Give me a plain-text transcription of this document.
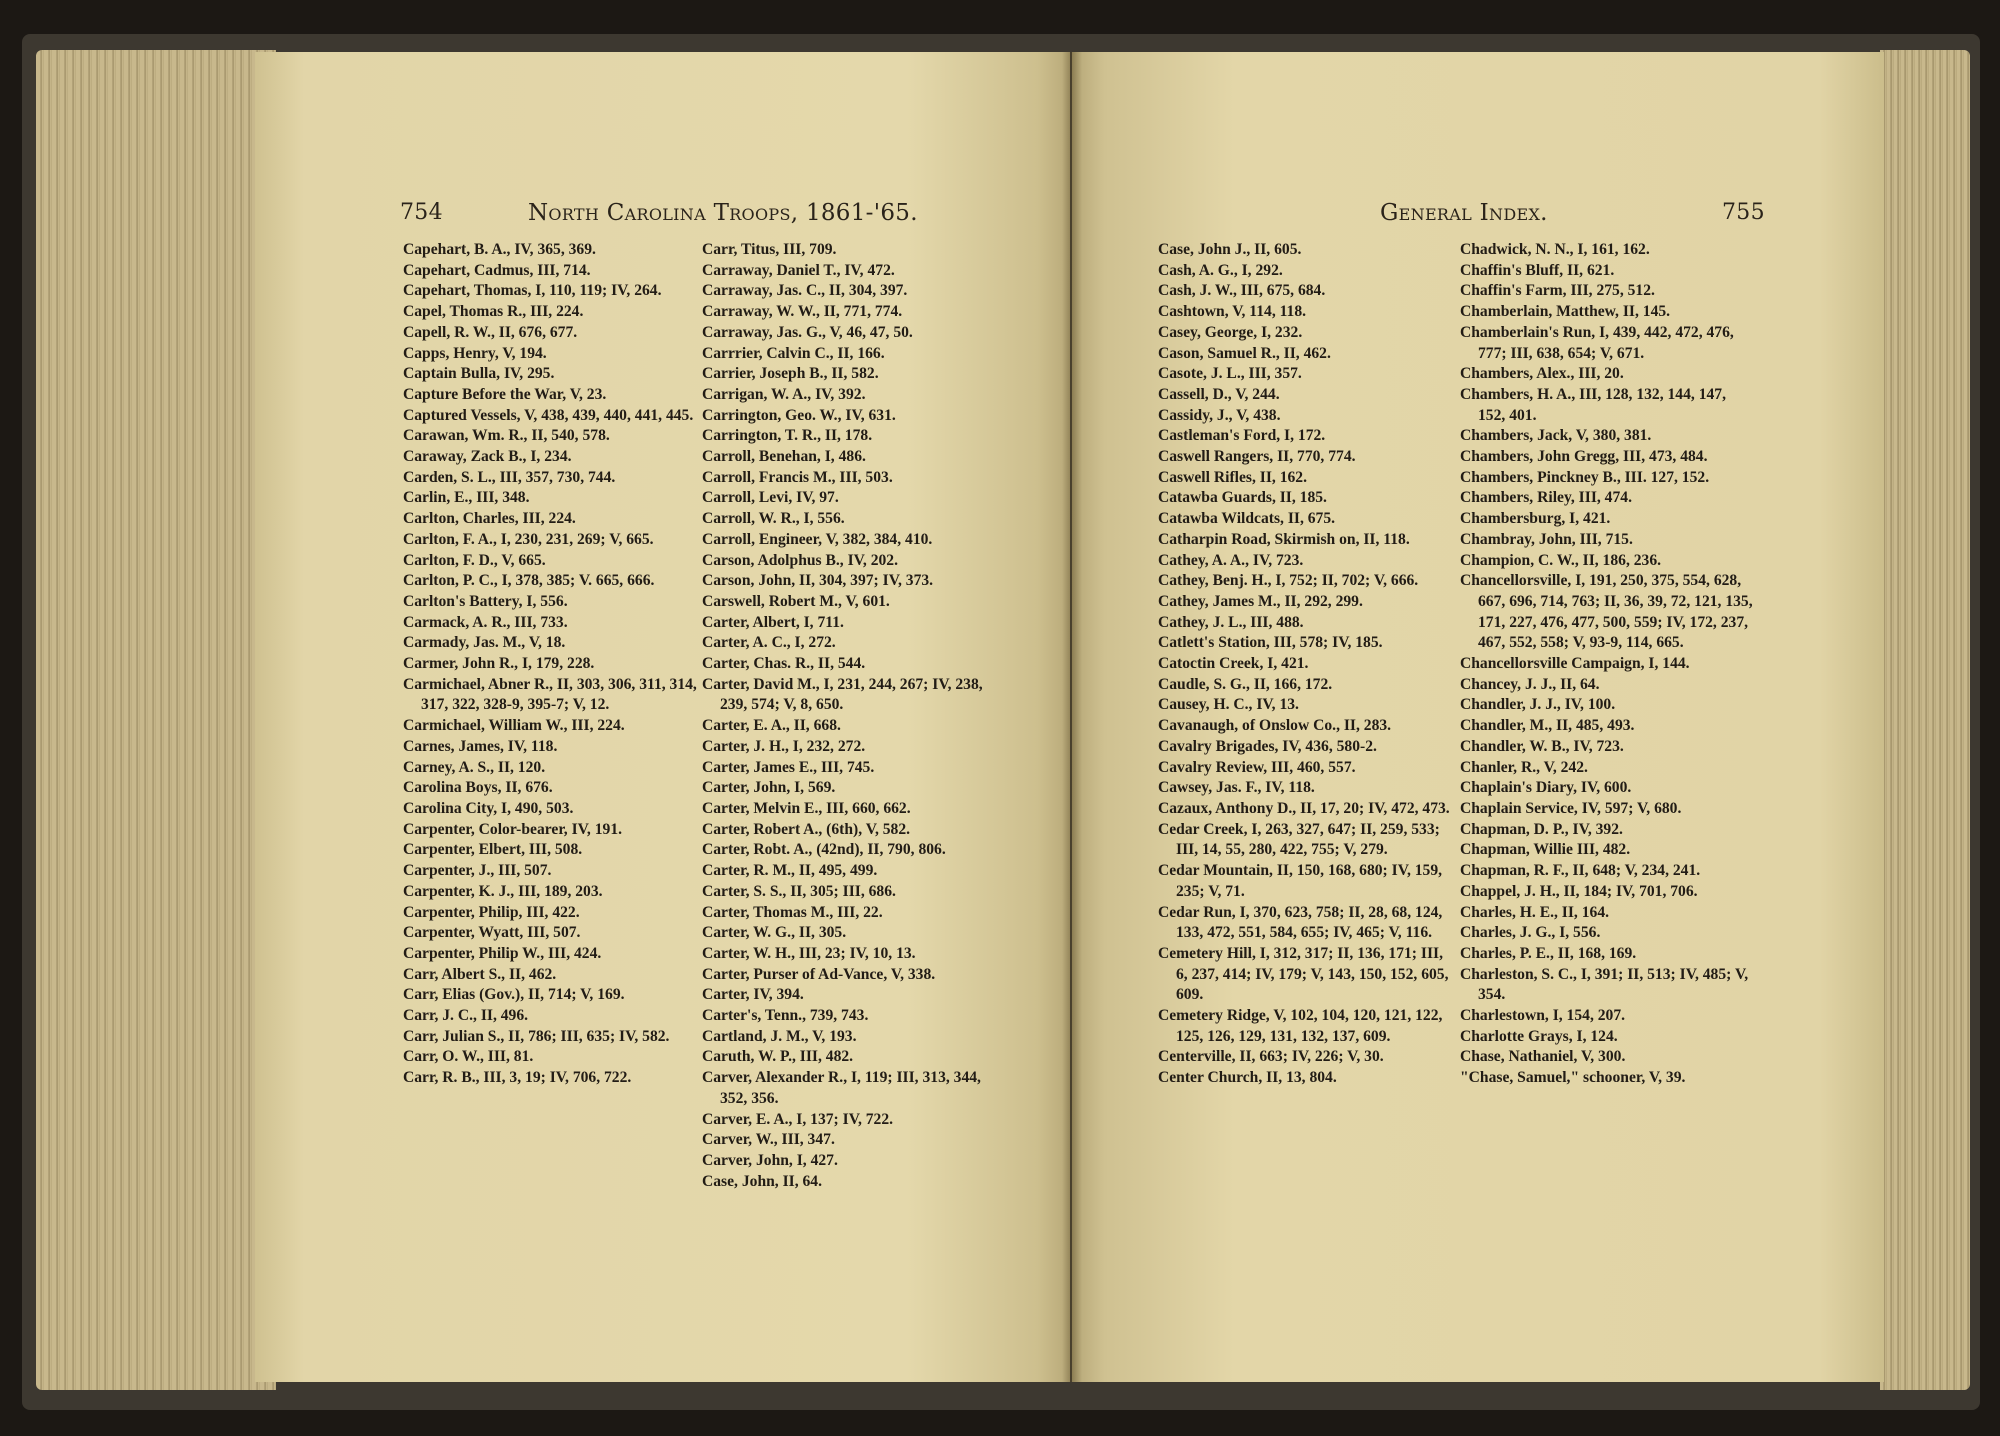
754	North Carolina Troops, 1861-'65.	General Index.	755
Capehart, B. A., IV, 365, 369.
Capehart, Cadmus, III, 714.
Capehart, Thomas, I, 110, 119; IV, 264.
Capel, Thomas R., III, 224.
Capell, R. W., II, 676, 677.
Capps, Henry, V, 194.
Captain Bulla, IV, 295.
Capture Before the War, V, 23.
Captured Vessels, V, 438, 439, 440, 441, 445.
Carawan, Wm. R., II, 540, 578.
Caraway, Zack B., I, 234.
Carden, S. L., III, 357, 730, 744.
Carlin, E., III, 348.
Carlton, Charles, III, 224.
Carlton, F. A., I, 230, 231, 269; V, 665.
Carlton, F. D., V, 665.
Carlton, P. C., I, 378, 385; V. 665, 666.
Carlton's Battery, I, 556.
Carmack, A. R., III, 733.
Carmady, Jas. M., V, 18.
Carmer, John R., I, 179, 228.
Carmichael, Abner R., II, 303, 306, 311, 314, 317, 322, 328-9, 395-7; V, 12.
Carmichael, William W., III, 224.
Carnes, James, IV, 118.
Carney, A. S., II, 120.
Carolina Boys, II, 676.
Carolina City, I, 490, 503.
Carpenter, Color-bearer, IV, 191.
Carpenter, Elbert, III, 508.
Carpenter, J., III, 507.
Carpenter, K. J., III, 189, 203.
Carpenter, Philip, III, 422.
Carpenter, Wyatt, III, 507.
Carpenter, Philip W., III, 424.
Carr, Albert S., II, 462.
Carr, Elias (Gov.), II, 714; V, 169.
Carr, J. C., II, 496.
Carr, Julian S., II, 786; III, 635; IV, 582.
Carr, O. W., III, 81.
Carr, R. B., III, 3, 19; IV, 706, 722.
Carr, Titus, III, 709.
Carraway, Daniel T., IV, 472.
Carraway, Jas. C., II, 304, 397.
Carraway, W. W., II, 771, 774.
Carraway, Jas. G., V, 46, 47, 50.
Carrrier, Calvin C., II, 166.
Carrier, Joseph B., II, 582.
Carrigan, W. A., IV, 392.
Carrington, Geo. W., IV, 631.
Carrington, T. R., II, 178.
Carroll, Benehan, I, 486.
Carroll, Francis M., III, 503.
Carroll, Levi, IV, 97.
Carroll, W. R., I, 556.
Carroll, Engineer, V, 382, 384, 410.
Carson, Adolphus B., IV, 202.
Carson, John, II, 304, 397; IV, 373.
Carswell, Robert M., V, 601.
Carter, Albert, I, 711.
Carter, A. C., I, 272.
Carter, Chas. R., II, 544.
Carter, David M., I, 231, 244, 267; IV, 238, 239, 574; V, 8, 650.
Carter, E. A., II, 668.
Carter, J. H., I, 232, 272.
Carter, James E., III, 745.
Carter, John, I, 569.
Carter, Melvin E., III, 660, 662.
Carter, Robert A., (6th), V, 582.
Carter, Robt. A., (42nd), II, 790, 806.
Carter, R. M., II, 495, 499.
Carter, S. S., II, 305; III, 686.
Carter, Thomas M., III, 22.
Carter, W. G., II, 305.
Carter, W. H., III, 23; IV, 10, 13.
Carter, Purser of Ad-Vance, V, 338.
Carter, IV, 394.
Carter's, Tenn., 739, 743.
Cartland, J. M., V, 193.
Caruth, W. P., III, 482.
Carver, Alexander R., I, 119; III, 313, 344, 352, 356.
Carver, E. A., I, 137; IV, 722.
Carver, W., III, 347.
Carver, John, I, 427.
Case, John, II, 64.
Case, John J., II, 605.
Cash, A. G., I, 292.
Cash, J. W., III, 675, 684.
Cashtown, V, 114, 118.
Casey, George, I, 232.
Cason, Samuel R., II, 462.
Casote, J. L., III, 357.
Cassell, D., V, 244.
Cassidy, J., V, 438.
Castleman's Ford, I, 172.
Caswell Rangers, II, 770, 774.
Caswell Rifles, II, 162.
Catawba Guards, II, 185.
Catawba Wildcats, II, 675.
Catharpin Road, Skirmish on, II, 118.
Cathey, A. A., IV, 723.
Cathey, Benj. H., I, 752; II, 702; V, 666.
Cathey, James M., II, 292, 299.
Cathey, J. L., III, 488.
Catlett's Station, III, 578; IV, 185.
Catoctin Creek, I, 421.
Caudle, S. G., II, 166, 172.
Causey, H. C., IV, 13.
Cavanaugh, of Onslow Co., II, 283.
Cavalry Brigades, IV, 436, 580-2.
Cavalry Review, III, 460, 557.
Cawsey, Jas. F., IV, 118.
Cazaux, Anthony D., II, 17, 20; IV, 472, 473.
Cedar Creek, I, 263, 327, 647; II, 259, 533; III, 14, 55, 280, 422, 755; V, 279.
Cedar Mountain, II, 150, 168, 680; IV, 159, 235; V, 71.
Cedar Run, I, 370, 623, 758; II, 28, 68, 124, 133, 472, 551, 584, 655; IV, 465; V, 116.
Cemetery Hill, I, 312, 317; II, 136, 171; III, 6, 237, 414; IV, 179; V, 143, 150, 152, 605, 609.
Cemetery Ridge, V, 102, 104, 120, 121, 122, 125, 126, 129, 131, 132, 137, 609.
Centerville, II, 663; IV, 226; V, 30.
Center Church, II, 13, 804.
Chadwick, N. N., I, 161, 162.
Chaffin's Bluff, II, 621.
Chaffin's Farm, III, 275, 512.
Chamberlain, Matthew, II, 145.
Chamberlain's Run, I, 439, 442, 472, 476, 777; III, 638, 654; V, 671.
Chambers, Alex., III, 20.
Chambers, H. A., III, 128, 132, 144, 147, 152, 401.
Chambers, Jack, V, 380, 381.
Chambers, John Gregg, III, 473, 484.
Chambers, Pinckney B., III. 127, 152.
Chambers, Riley, III, 474.
Chambersburg, I, 421.
Chambray, John, III, 715.
Champion, C. W., II, 186, 236.
Chancellorsville, I, 191, 250, 375, 554, 628, 667, 696, 714, 763; II, 36, 39, 72, 121, 135, 171, 227, 476, 477, 500, 559; IV, 172, 237, 467, 552, 558; V, 93-9, 114, 665.
Chancellorsville Campaign, I, 144.
Chancey, J. J., II, 64.
Chandler, J. J., IV, 100.
Chandler, M., II, 485, 493.
Chandler, W. B., IV, 723.
Chanler, R., V, 242.
Chaplain's Diary, IV, 600.
Chaplain Service, IV, 597; V, 680.
Chapman, D. P., IV, 392.
Chapman, Willie III, 482.
Chapman, R. F., II, 648; V, 234, 241.
Chappel, J. H., II, 184; IV, 701, 706.
Charles, H. E., II, 164.
Charles, J. G., I, 556.
Charles, P. E., II, 168, 169.
Charleston, S. C., I, 391; II, 513; IV, 485; V, 354.
Charlestown, I, 154, 207.
Charlotte Grays, I, 124.
Chase, Nathaniel, V, 300.
"Chase, Samuel," schooner, V, 39.
